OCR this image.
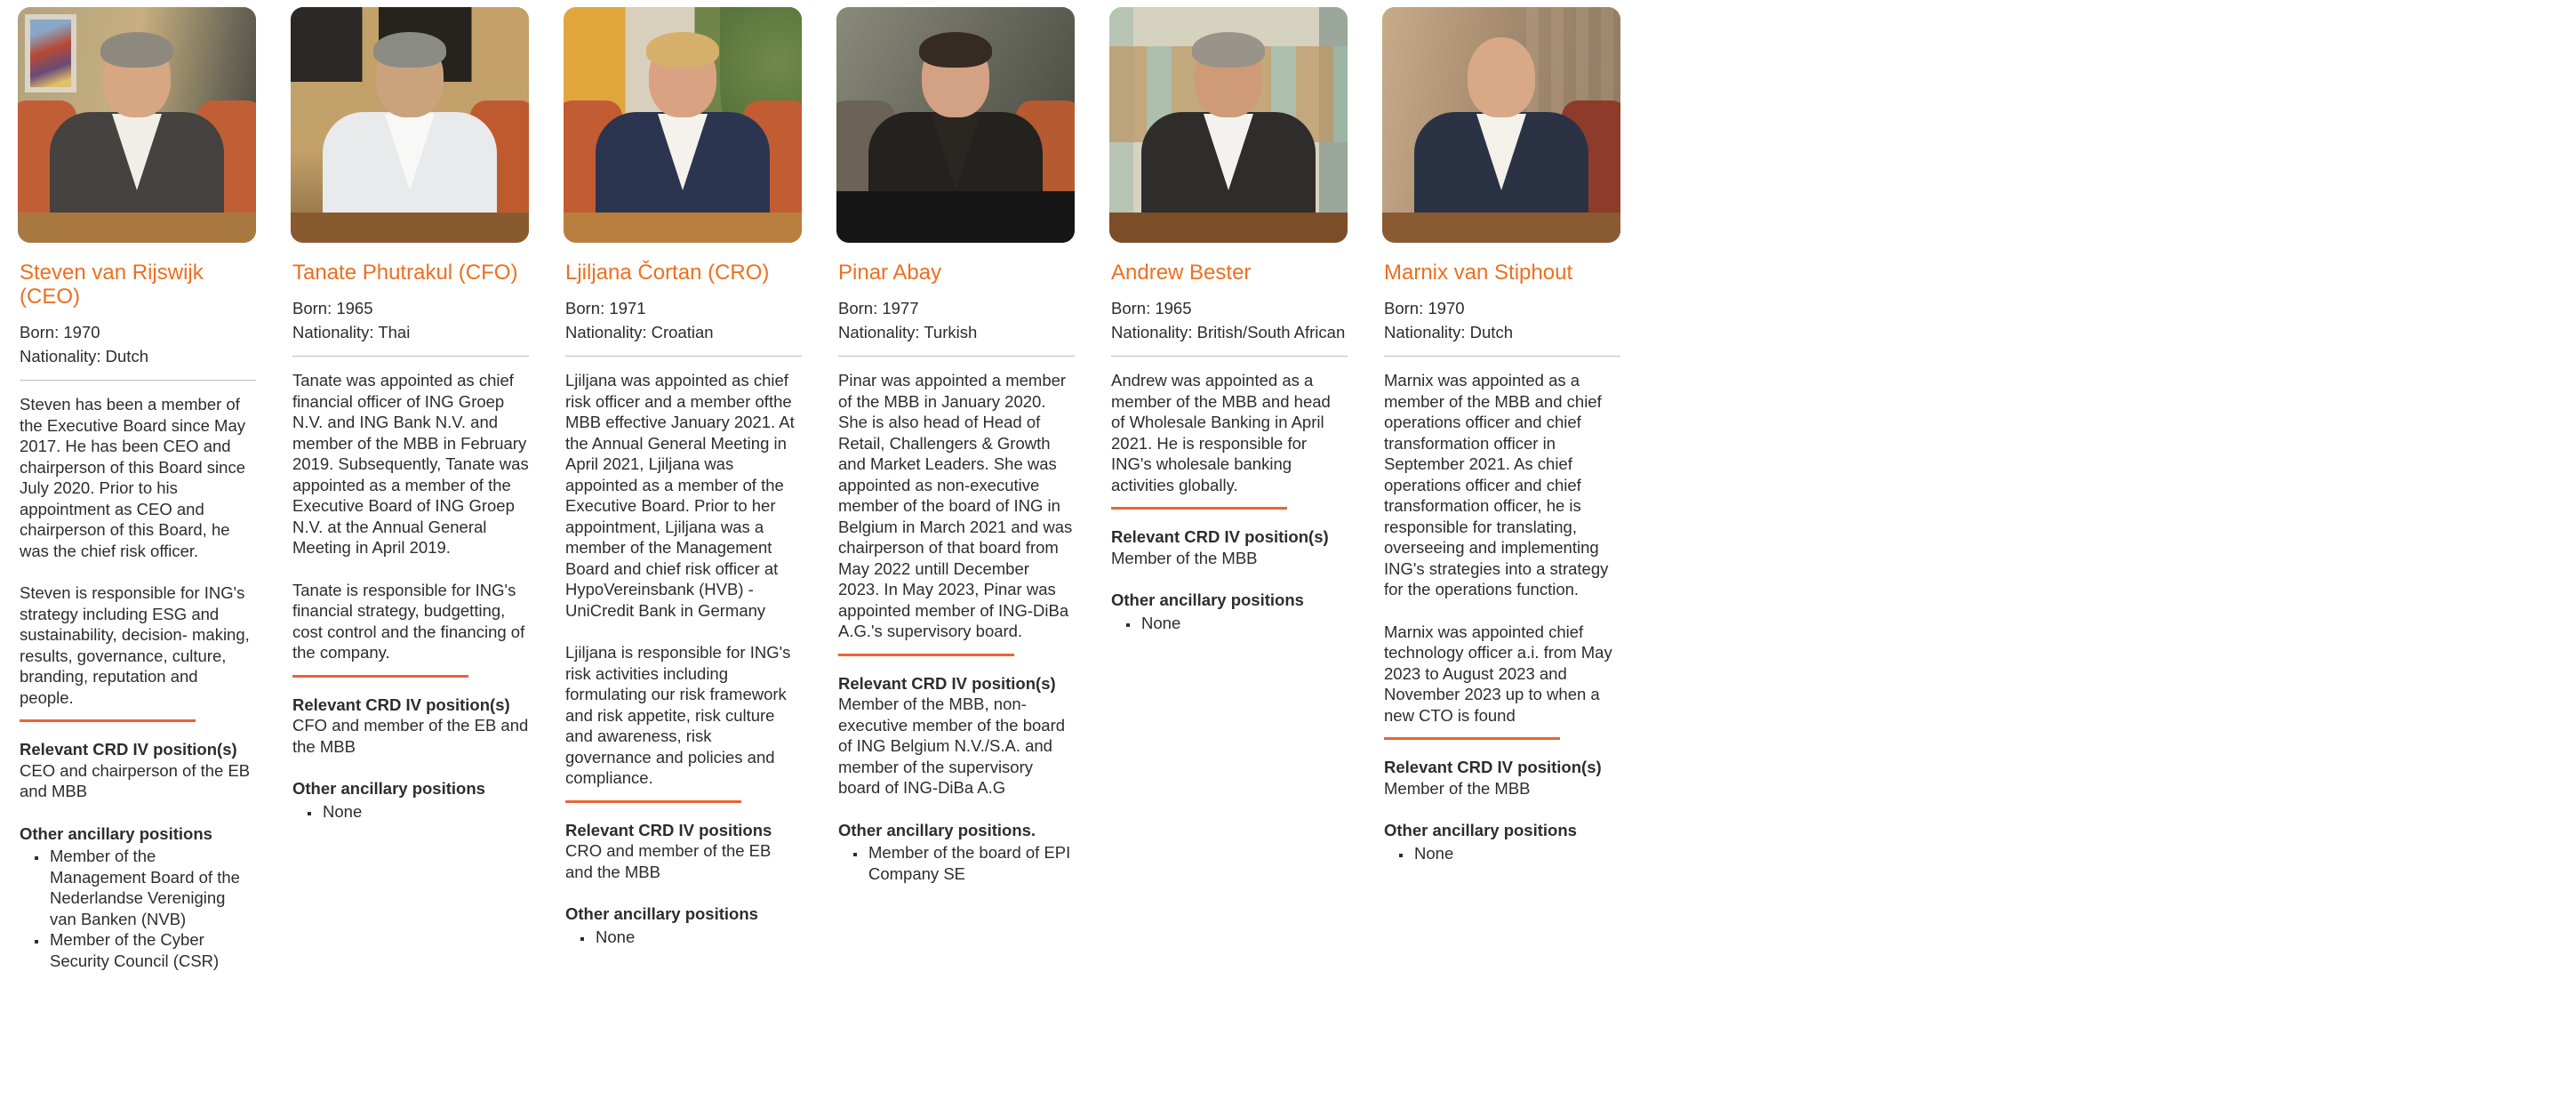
Steven van Rijswijk (CEO)
Born: 1970
Nationality: Dutch

Steven has been a member of the Executive Board since May 2017. He has been CEO and chairperson of this Board since July 2020. Prior to his appointment as CEO and chairperson of this Board, he was the chief risk officer.

Steven is responsible for ING's strategy including ESG and sustainability, decision- making, results, governance, culture, branding, reputation and people.

Relevant CRD IV position(s)
CEO and chairperson of the EB and MBB
Other ancillary positions
▪ Member of the Management Board of the Nederlandse Vereniging van Banken (NVB)
▪ Member of the Cyber Security Council (CSR)
Tanate Phutrakul (CFO)
Born: 1965
Nationality: Thai

Tanate was appointed as chief financial officer of ING Groep N.V. and ING Bank N.V. and member of the MBB in February 2019. Subsequently, Tanate was appointed as a member of the Executive Board of ING Groep N.V. at the Annual General Meeting in April 2019.

Tanate is responsible for ING's financial strategy, budgetting, cost control and the financing of the company.

Relevant CRD IV position(s)
CFO and member of the EB and the MBB
Other ancillary positions
▪ None
Ljiljana Čortan (CRO)
Born: 1971
Nationality: Croatian

Ljiljana was appointed as chief risk officer and a member ofthe MBB effective January 2021. At the Annual General Meeting in April 2021, Ljiljana was appointed as a member of the Executive Board. Prior to her appointment, Ljiljana was a member of the Management Board and chief risk officer at HypoVereinsbank (HVB) - UniCredit Bank in Germany

Ljiljana is responsible for ING's risk activities including formulating our risk framework and risk appetite, risk culture and awareness, risk governance and policies and compliance.

Relevant CRD IV positions
CRO and member of the EB and the MBB
Other ancillary positions
▪ None
Pinar Abay
Born: 1977
Nationality: Turkish

Pinar was appointed a member of the MBB in January 2020. She is also head of Head of Retail, Challengers & Growth and Market Leaders. She was appointed as non-executive member of the board of ING in Belgium in March 2021 and was chairperson of that board from May 2022 untill December 2023. In May 2023, Pinar was appointed member of ING-DiBa A.G.'s supervisory board.

Relevant CRD IV position(s)
Member of the MBB, non-executive member of the board of ING Belgium N.V./S.A. and member of the supervisory board of ING-DiBa A.G
Other ancillary positions.
▪ Member of the board of EPI Company SE
Andrew Bester
Born: 1965
Nationality: British/South African

Andrew was appointed as a member of the MBB and head of Wholesale Banking in April 2021. He is responsible for ING's wholesale banking activities globally.

Relevant CRD IV position(s)
Member of the MBB
Other ancillary positions
▪ None
Marnix van Stiphout
Born: 1970
Nationality: Dutch

Marnix was appointed as a member of the MBB and chief operations officer and chief transformation officer in September 2021. As chief operations officer and chief transformation officer, he is responsible for translating, overseeing and implementing ING's strategies into a strategy for the operations function.

Marnix was appointed chief technology officer a.i. from May 2023 to August 2023 and November 2023 up to when a new CTO is found

Relevant CRD IV position(s)
Member of the MBB
Other ancillary positions
▪ None
